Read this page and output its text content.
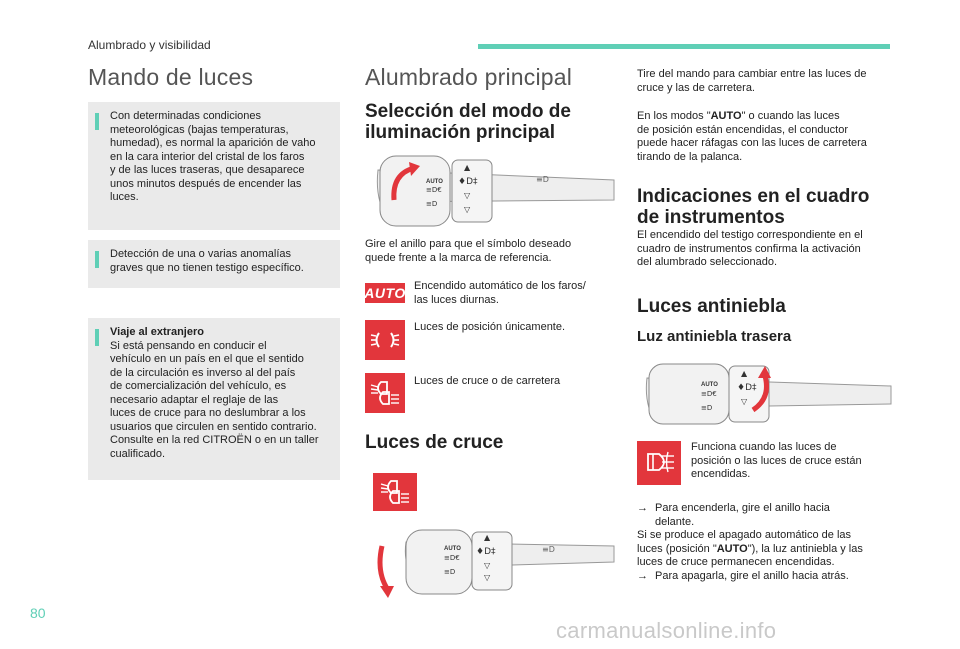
Alumbrado y visibilidad
Mando de luces
Con determinadas condiciones
meteorológicas (bajas temperaturas,
humedad), es normal la aparición de vaho
en la cara interior del cristal de los faros
y de las luces traseras, que desaparece
unos minutos después de encender las
luces.
Detección de una o varias anomalías
graves que no tienen testigo específico.
Viaje al extranjero
Si está pensando en conducir el
vehículo en un país en el que el sentido
de la circulación es inverso al del país
de comercialización del vehículo, es
necesario adaptar el reglaje de las
luces de cruce para no deslumbrar a los
usuarios que circulen en sentido contrario.
Consulte en la red CITROËN o en un taller
cualificado.
Alumbrado principal
Selección del modo de
iluminación principal
AUTO
≡D€
≡D
♦D‡
▲
▽
▽
≡D
Gire el anillo para que el símbolo deseado
quede frente a la marca de referencia.
AUTO Encendido automático de los faros/
las luces diurnas.
Luces de posición únicamente.
Luces de cruce o de carretera
Luces de cruce
AUTO
≡D€
≡D
♦D‡
▲
▽
▽
≡D
Tire del mando para cambiar entre las luces de
cruce y las de carretera.
En los modos "AUTO" o cuando las luces
de posición están encendidas, el conductor
puede hacer ráfagas con las luces de carretera
tirando de la palanca.
Indicaciones en el cuadro
de instrumentos
El encendido del testigo correspondiente en el
cuadro de instrumentos confirma la activación
del alumbrado seleccionado.
Luces antiniebla
Luz antiniebla trasera
AUTO
≡D€
≡D
♦D‡
▲
▽
Funciona cuando las luces de
posición o las luces de cruce están
encendidas.
→ Para encenderla, gire el anillo hacia
delante.
Si se produce el apagado automático de las
luces (posición "AUTO"), la luz antiniebla y las
luces de cruce permanecen encendidas.
→ Para apagarla, gire el anillo hacia atrás.
80
carmanualsonline.info
